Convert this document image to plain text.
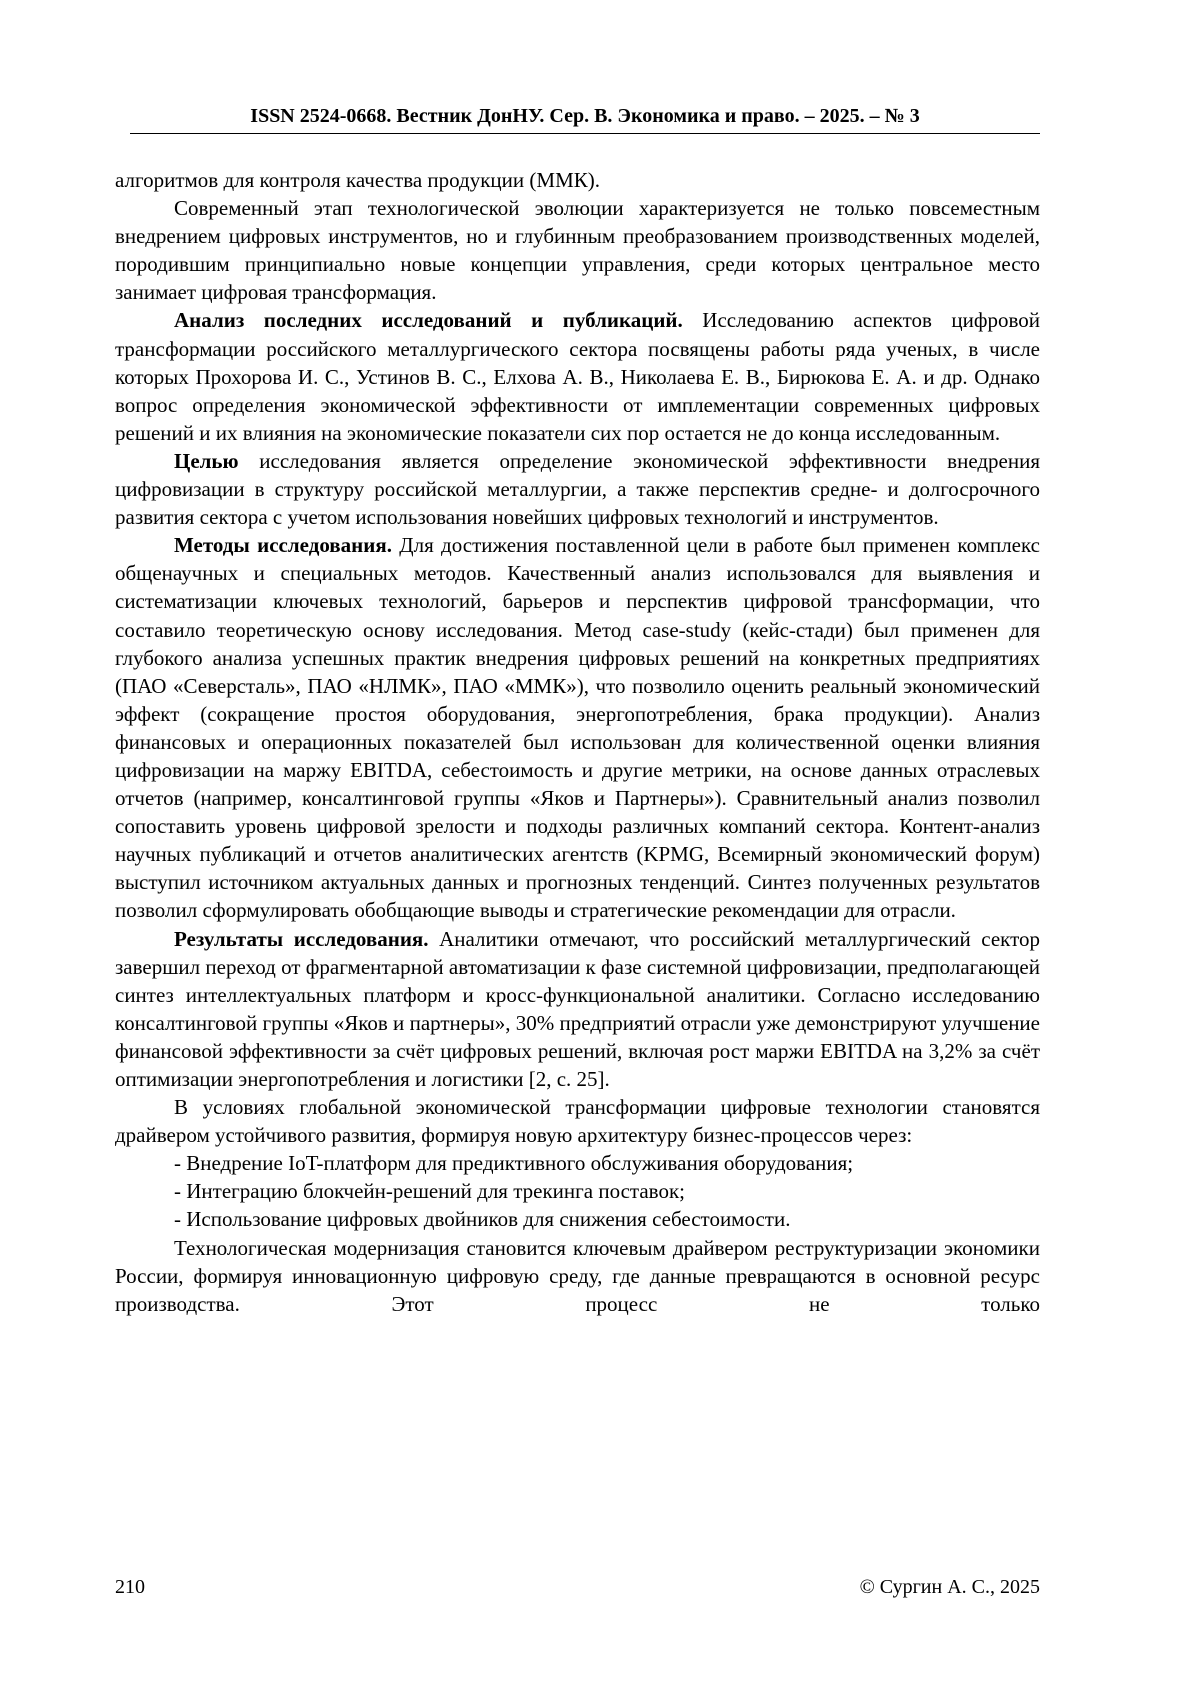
ISSN 2524-0668. Вестник ДонНУ. Сер. В. Экономика и право. – 2025. – № 3

алгоритмов для контроля качества продукции (ММК).

Современный этап технологической эволюции характеризуется не только повсеместным внедрением цифровых инструментов, но и глубинным преобразованием производственных моделей, породившим принципиально новые концепции управления, среди которых центральное место занимает цифровая трансформация.

Анализ последних исследований и публикаций. Исследованию аспектов цифровой трансформации российского металлургического сектора посвящены работы ряда ученых, в числе которых Прохорова И. С., Устинов В. С., Елхова А. В., Николаева Е. В., Бирюкова Е. А. и др. Однако вопрос определения экономической эффективности от имплементации современных цифровых решений и их влияния на экономические показатели сих пор остается не до конца исследованным.

Целью исследования является определение экономической эффективности внедрения цифровизации в структуру российской металлургии, а также перспектив средне- и долгосрочного развития сектора с учетом использования новейших цифровых технологий и инструментов.

Методы исследования. Для достижения поставленной цели в работе был применен комплекс общенаучных и специальных методов. Качественный анализ использовался для выявления и систематизации ключевых технологий, барьеров и перспектив цифровой трансформации, что составило теоретическую основу исследования. Метод case-study (кейс-стади) был применен для глубокого анализа успешных практик внедрения цифровых решений на конкретных предприятиях (ПАО «Северсталь», ПАО «НЛМК», ПАО «ММК»), что позволило оценить реальный экономический эффект (сокращение простоя оборудования, энергопотребления, брака продукции). Анализ финансовых и операционных показателей был использован для количественной оценки влияния цифровизации на маржу EBITDA, себестоимость и другие метрики, на основе данных отраслевых отчетов (например, консалтинговой группы «Яков и Партнеры»). Сравнительный анализ позволил сопоставить уровень цифровой зрелости и подходы различных компаний сектора. Контент-анализ научных публикаций и отчетов аналитических агентств (KPMG, Всемирный экономический форум) выступил источником актуальных данных и прогнозных тенденций. Синтез полученных результатов позволил сформулировать обобщающие выводы и стратегические рекомендации для отрасли.

Результаты исследования. Аналитики отмечают, что российский металлургический сектор завершил переход от фрагментарной автоматизации к фазе системной цифровизации, предполагающей синтез интеллектуальных платформ и кросс-функциональной аналитики. Согласно исследованию консалтинговой группы «Яков и партнеры», 30% предприятий отрасли уже демонстрируют улучшение финансовой эффективности за счёт цифровых решений, включая рост маржи EBITDA на 3,2% за счёт оптимизации энергопотребления и логистики [2, с. 25].

В условиях глобальной экономической трансформации цифровые технологии становятся драйвером устойчивого развития, формируя новую архитектуру бизнес-процессов через:

- Внедрение IoT-платформ для предиктивного обслуживания оборудования;

- Интеграцию блокчейн-решений для трекинга поставок;

- Использование цифровых двойников для снижения себестоимости.

Технологическая модернизация становится ключевым драйвером реструктуризации экономики России, формируя инновационную цифровую среду, где данные превращаются в основной ресурс производства. Этот процесс не только

210	© Сургин А. С., 2025
